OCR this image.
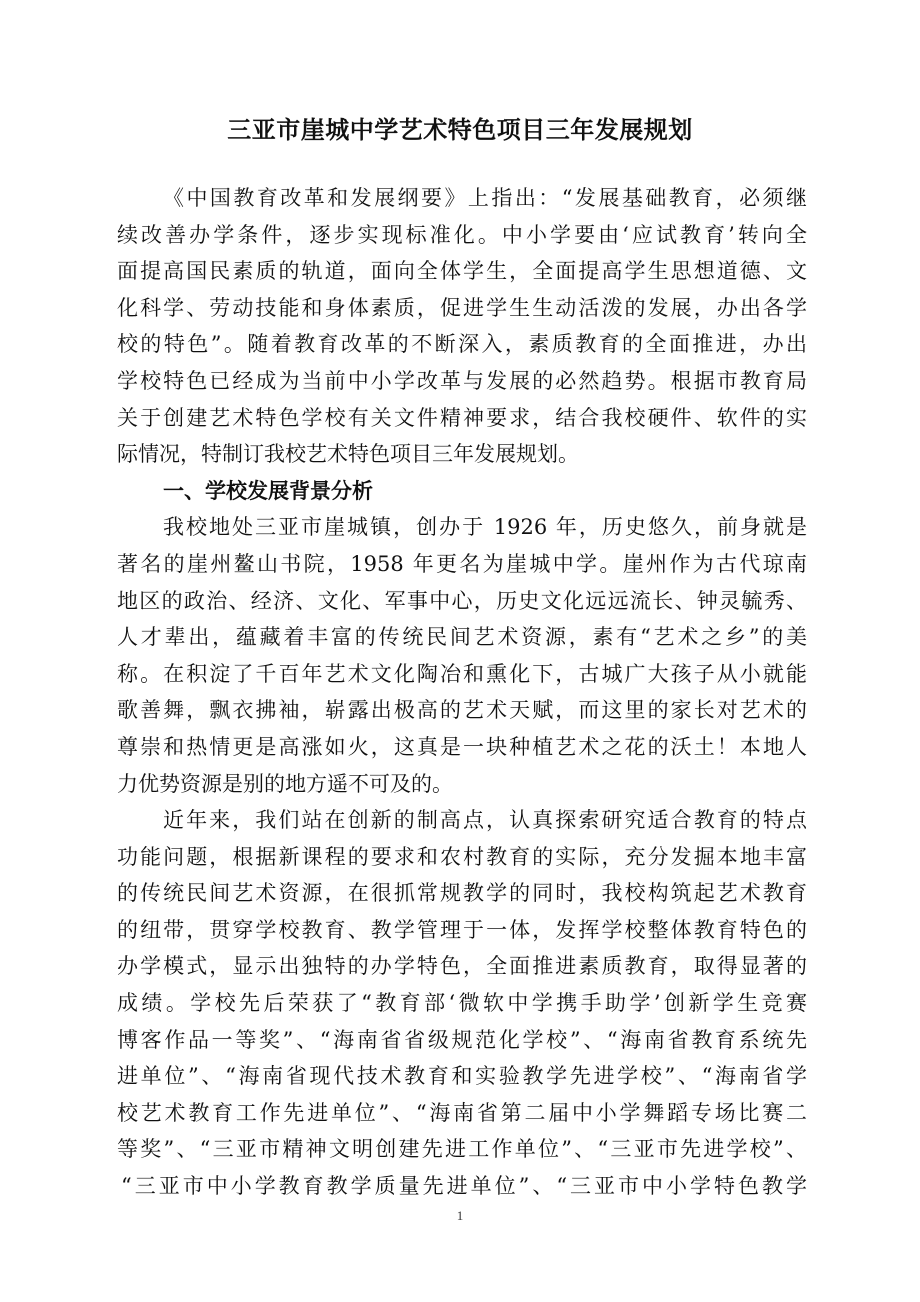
三亚市崖城中学艺术特色项目三年发展规划
《中国教育改革和发展纲要》上指出：“发展基础教育，必须继
续改善办学条件，逐步实现标准化。中小学要由‘应试教育’转向全
面提高国民素质的轨道，面向全体学生，全面提高学生思想道德、文
化科学、劳动技能和身体素质，促进学生生动活泼的发展，办出各学
校的特色”。随着教育改革的不断深入，素质教育的全面推进，办出
学校特色已经成为当前中小学改革与发展的必然趋势。根据市教育局
关于创建艺术特色学校有关文件精神要求，结合我校硬件、软件的实
际情况，特制订我校艺术特色项目三年发展规划。
一、学校发展背景分析
我校地处三亚市崖城镇，创办于 1926 年，历史悠久，前身就是
著名的崖州鳌山书院，1958 年更名为崖城中学。崖州作为古代琼南
地区的政治、经济、文化、军事中心，历史文化远远流长、钟灵毓秀、
人才辈出，蕴藏着丰富的传统民间艺术资源，素有“艺术之乡”的美
称。在积淀了千百年艺术文化陶冶和熏化下，古城广大孩子从小就能
歌善舞，飘衣拂袖，崭露出极高的艺术天赋，而这里的家长对艺术的
尊崇和热情更是高涨如火，这真是一块种植艺术之花的沃土！本地人
力优势资源是别的地方遥不可及的。
近年来，我们站在创新的制高点，认真探索研究适合教育的特点
功能问题，根据新课程的要求和农村教育的实际，充分发掘本地丰富
的传统民间艺术资源，在很抓常规教学的同时，我校构筑起艺术教育
的纽带，贯穿学校教育、教学管理于一体，发挥学校整体教育特色的
办学模式，显示出独特的办学特色，全面推进素质教育，取得显著的
成绩。学校先后荣获了“教育部‘微软中学携手助学’创新学生竞赛
博客作品一等奖”、“海南省省级规范化学校”、“海南省教育系统先
进单位”、“海南省现代技术教育和实验教学先进学校”、“海南省学
校艺术教育工作先进单位”、“海南省第二届中小学舞蹈专场比赛二
等奖”、“三亚市精神文明创建先进工作单位”、“三亚市先进学校”、
“三亚市中小学教育教学质量先进单位”、“三亚市中小学特色教学
1
